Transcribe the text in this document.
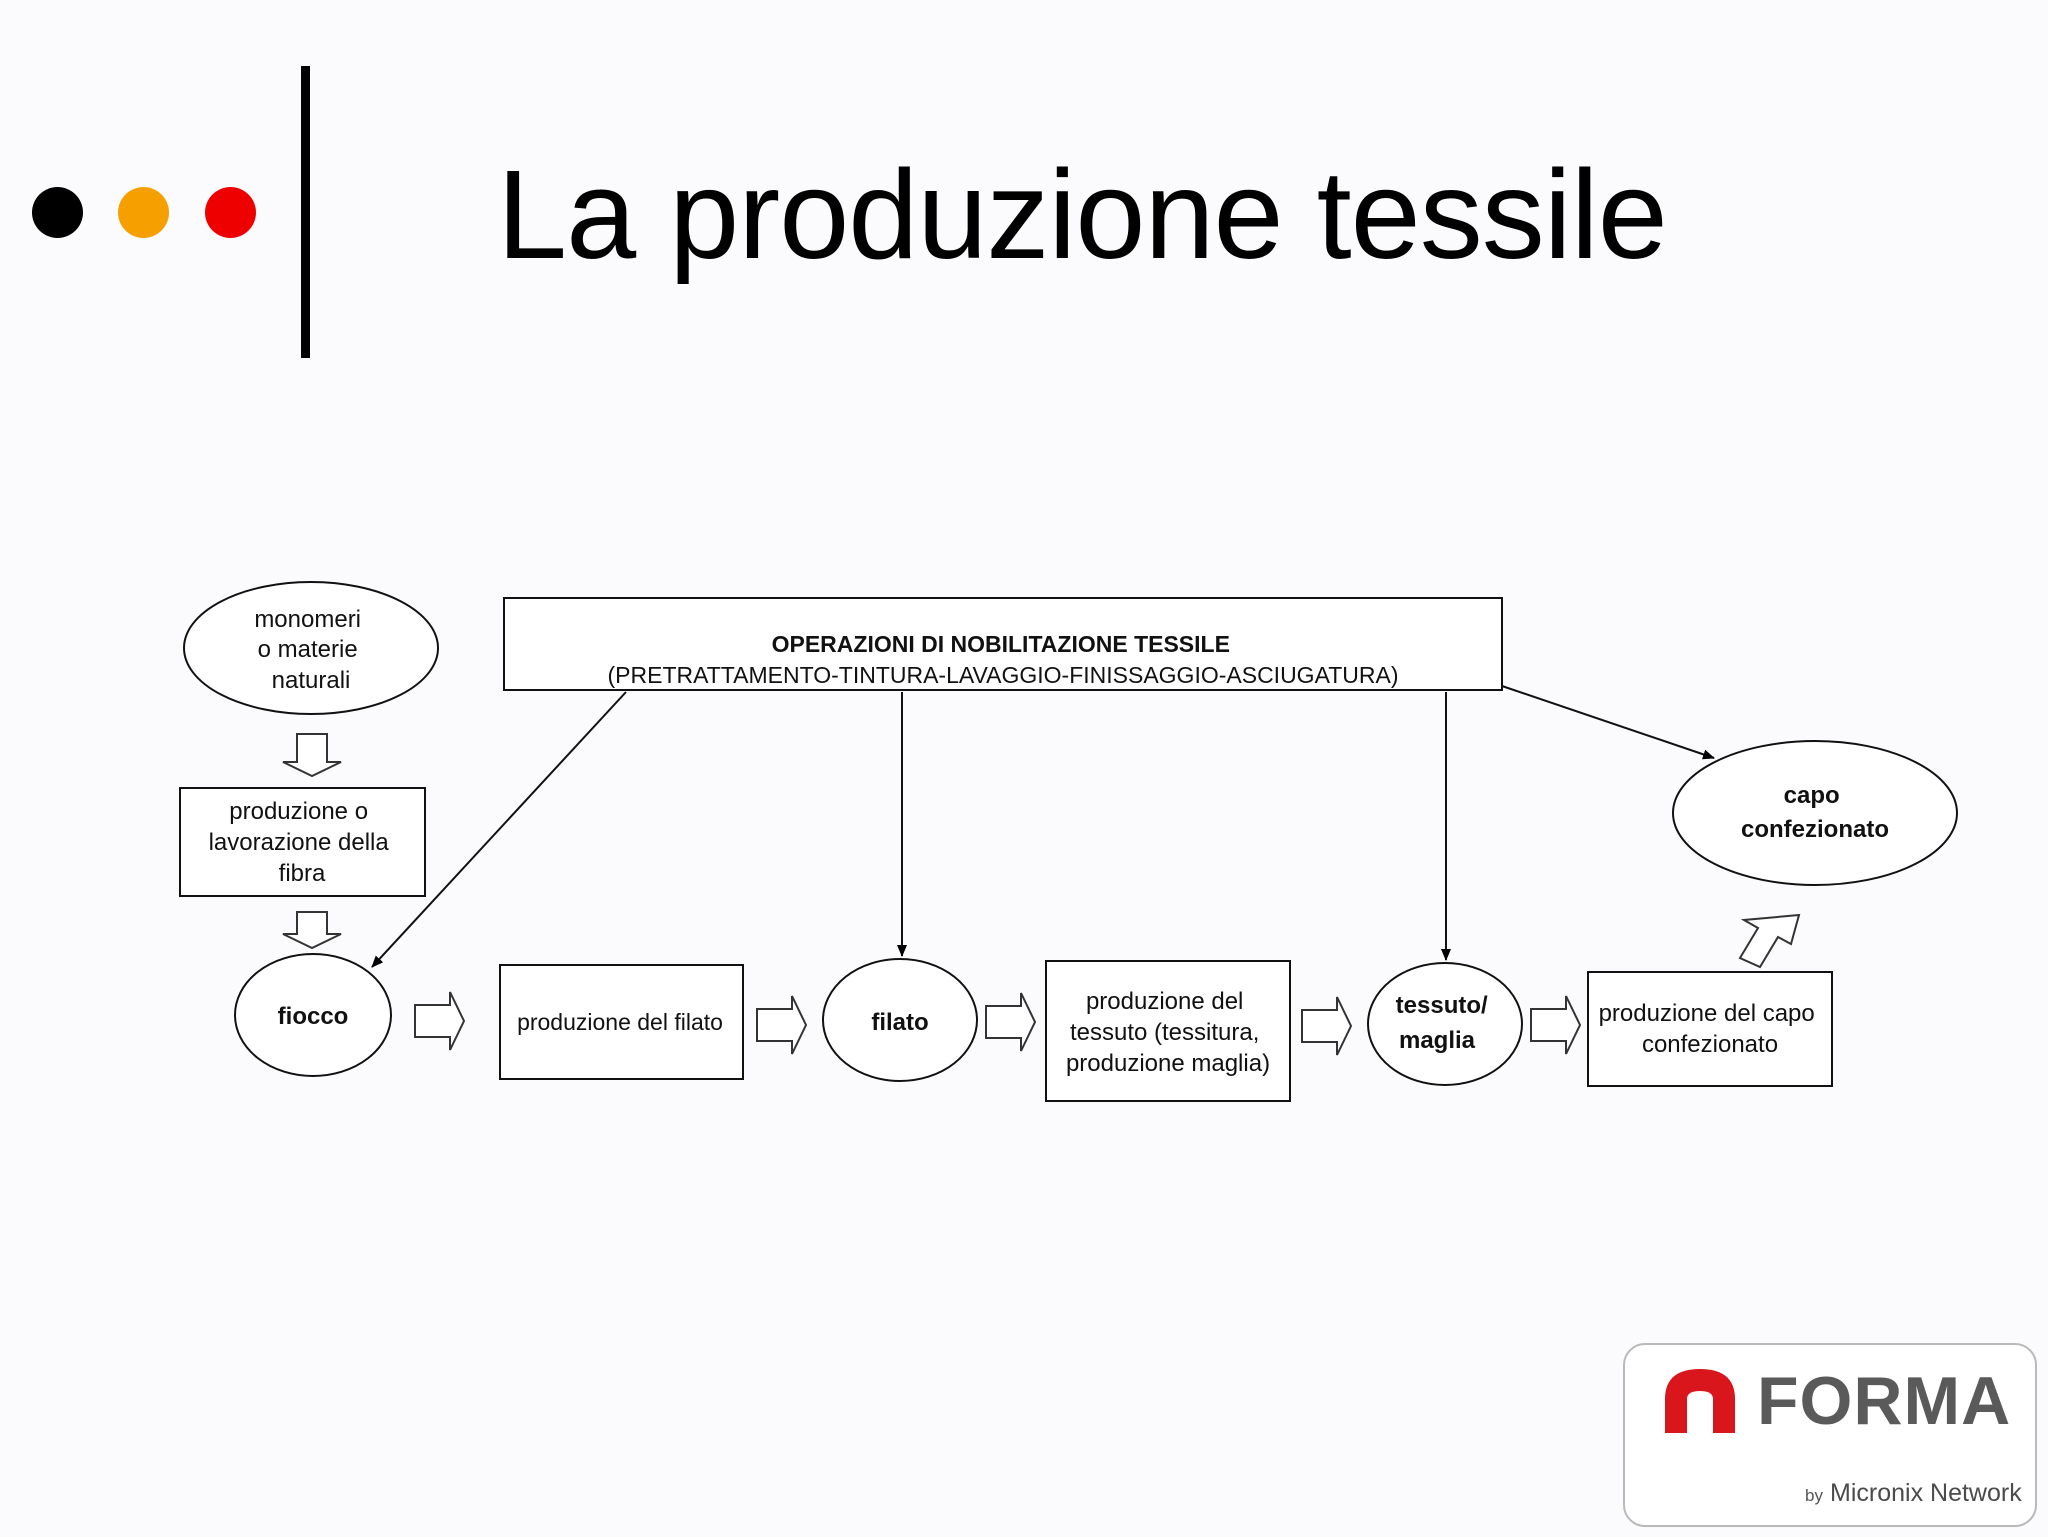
La produzione tessile
monomeri o materie naturali
produzione o lavorazione della fibra
fiocco
OPERAZIONI DI NOBILITAZIONE TESSILE (PRETRATTAMENTO-TINTURA-LAVAGGIO-FINISSAGGIO-ASCIUGATURA)
produzione del filato	filato
produzione del tessuto (tessitura, produzione maglia)
tessuto/ maglia
produzione del capo confezionato
capo confezionato
FORMA
by Micronix Network
